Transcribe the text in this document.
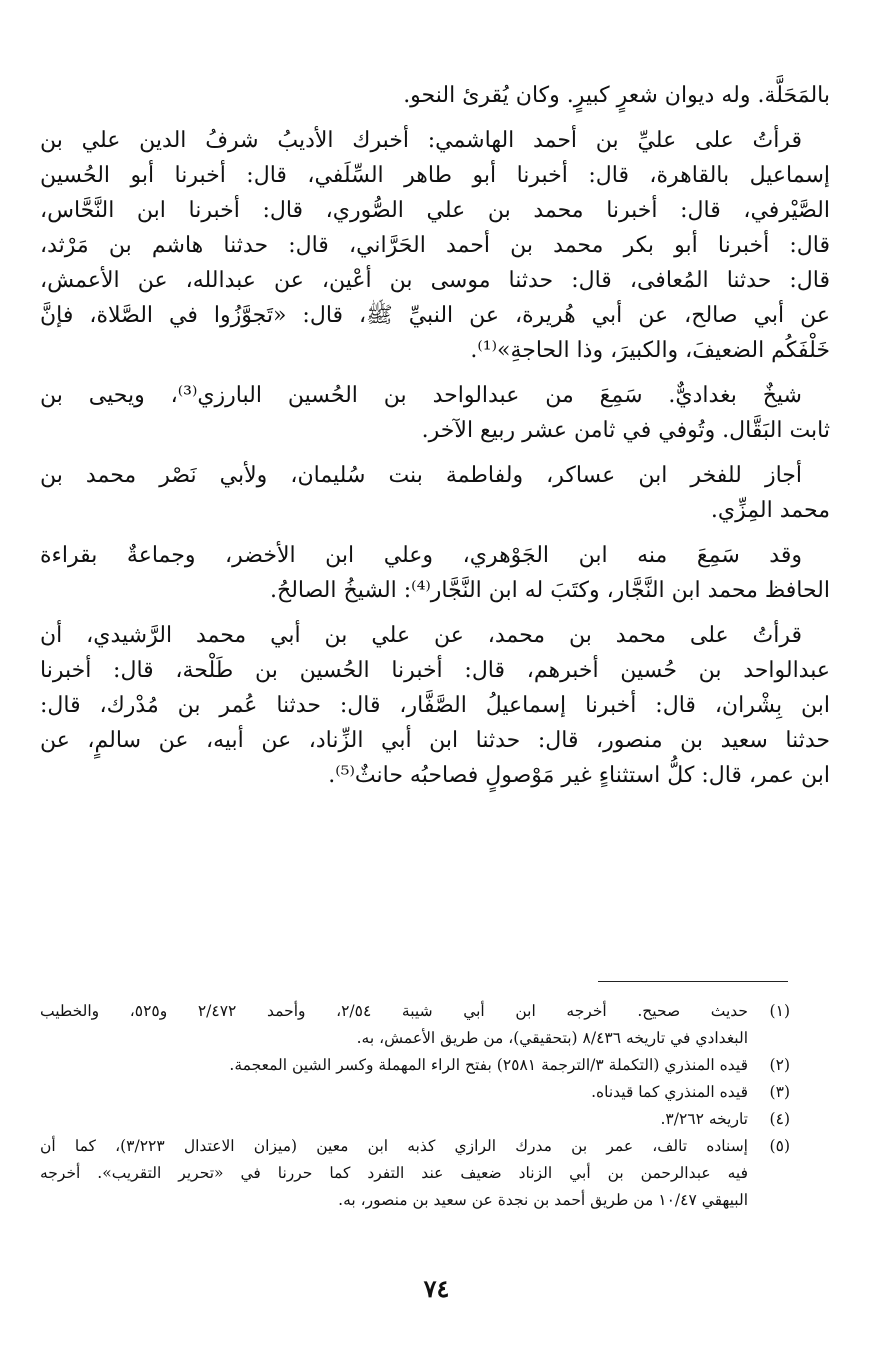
بالمَحَلَّة. وله ديوان شعرٍ كبيرٍ. وكان يُقرئ النحو.
قرأتُ على عليِّ بن أحمد الهاشمي: أخبرك الأديبُ شرفُ الدين علي بن
إسماعيل بالقاهرة، قال: أخبرنا أبو طاهر السِّلَفي، قال: أخبرنا أبو الحُسين
الصَّيْرفي، قال: أخبرنا محمد بن علي الصُّوري، قال: أخبرنا ابن النَّحَّاس،
قال: أخبرنا أبو بكر محمد بن أحمد الحَرَّاني، قال: حدثنا هاشم بن مَرْثد،
قال: حدثنا المُعافى، قال: حدثنا موسى بن أعْين، عن عبدالله، عن الأعمش،
عن أبي صالح، عن أبي هُريرة، عن النبيِّ ﷺ، قال: «تَجوَّزُوا في الصَّلاة، فإنَّ
خَلْفَكُم الضعيفَ، والكبيرَ، وذا الحاجةِ»⁽¹⁾.
شيخٌ بغداديٌّ. سَمِعَ من عبدالواحد بن الحُسين البارزي⁽³⁾، ويحيى بن
ثابت البَقَّال. وتُوفي في ثامن عشر ربيع الآخر.
أجاز للفخر ابن عساكر، ولفاطمة بنت سُليمان، ولأبي نَصْر محمد بن
محمد المِزِّي.
وقد سَمِعَ منه ابن الجَوْهري، وعلي ابن الأخضر، وجماعةٌ بقراءة
الحافظ محمد ابن النَّجَّار، وكتَبَ له ابن النَّجَّار⁽⁴⁾: الشيخُ الصالحُ.
قرأتُ على محمد بن محمد، عن علي بن أبي محمد الرَّشيدي، أن
عبدالواحد بن حُسين أخبرهم، قال: أخبرنا الحُسين بن طَلْحة، قال: أخبرنا
ابن بِشْران، قال: أخبرنا إسماعيلُ الصَّفَّار، قال: حدثنا عُمر بن مُدْرك، قال:
حدثنا سعيد بن منصور، قال: حدثنا ابن أبي الزِّناد، عن أبيه، عن سالمٍ، عن
ابن عمر، قال: كلُّ استثناءٍ غير مَوْصولٍ فصاحبُه حانثٌ⁽⁵⁾.
(١)
حديث صحيح. أخرجه ابن أبي شيبة ٢/٥٤، وأحمد ٢/٤٧٢ و٥٢٥، والخطيب
البغدادي في تاريخه ٨/٤٣٦ (بتحقيقي)، من طريق الأعمش، به.
(٢)
قيده المنذري (التكملة ٣/الترجمة ٢٥٨١) بفتح الراء المهملة وكسر الشين المعجمة.
(٣)
قيده المنذري كما قيدناه.
(٤)
تاريخه ٣/٢٦٢.
(٥)
إسناده تالف، عمر بن مدرك الرازي كذبه ابن معين (ميزان الاعتدال ٣/٢٢٣)، كما أن
فيه عبدالرحمن بن أبي الزناد ضعيف عند التفرد كما حررنا في «تحرير التقريب». أخرجه
البيهقي ١٠/٤٧ من طريق أحمد بن نجدة عن سعيد بن منصور، به.
٧٤
